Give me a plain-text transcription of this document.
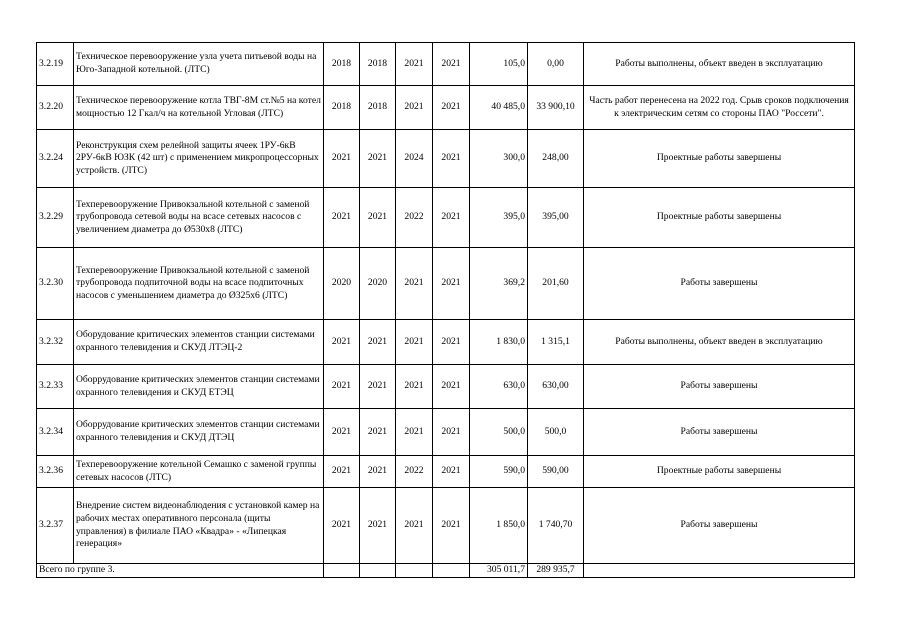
3.2.19	Техническое перевооружение узла учета питьевой воды на Юго-Западной котельной. (ЛТС)	2018	2018	2021	2021	105,0	0,00	Работы выполнены, объект введен в эксплуатацию
3.2.20	Техническое перевооружение котла ТВГ-8М ст.№5 на котел мощностью 12 Гкал/ч на котельной Угловая (ЛТС)	2018	2018	2021	2021	40 485,0	33 900,10	Часть работ перенесена на 2022 год. Срыв сроков подключения к электрическим сетям со стороны ПАО "Россети".
3.2.24	Реконструкция схем релейной защиты ячеек 1РУ-6кВ 2РУ-6кВ ЮЗК (42 шт) с применением микропроцессорных устройств. (ЛТС)	2021	2021	2024	2021	300,0	248,00	Проектные работы завершены
3.2.29	Техперевооружение Привокзальной котельной с заменой трубопровода сетевой воды на всасе сетевых насосов с увеличением диаметра до Ø530х8 (ЛТС)	2021	2021	2022	2021	395,0	395,00	Проектные работы завершены
3.2.30	Техперевооружение Привокзальной котельной с заменой трубопровода подпиточной воды на всасе подпиточных насосов с уменьшением диаметра до Ø325х6 (ЛТС)	2020	2020	2021	2021	369,2	201,60	Работы завершены
3.2.32	Оборудование критических элементов станции системами охранного телевидения и СКУД ЛТЭЦ-2	2021	2021	2021	2021	1 830,0	1 315,1	Работы выполнены, объект введен в эксплуатацию
3.2.33	Оборрудование критических элементов станции системами охранного телевидения и СКУД ЕТЭЦ	2021	2021	2021	2021	630,0	630,00	Работы завершены
3.2.34	Оборрудование критических элементов станции системами охранного телевидения и СКУД ДТЭЦ	2021	2021	2021	2021	500,0	500,0	Работы завершены
3.2.36	Техперевооружение котельной Семашко с заменой группы сетевых насосов (ЛТС)	2021	2021	2022	2021	590,0	590,00	Проектные работы завершены
3.2.37	Внедрение систем видеонаблюдения с установкой камер на рабочих местах оперативного персонала (щиты управления) в филиале ПАО «Квадра» - «Липецкая генерация»	2021	2021	2021	2021	1 850,0	1 740,70	Работы завершены
Всего по группе 3.						305 011,7	289 935,7	
